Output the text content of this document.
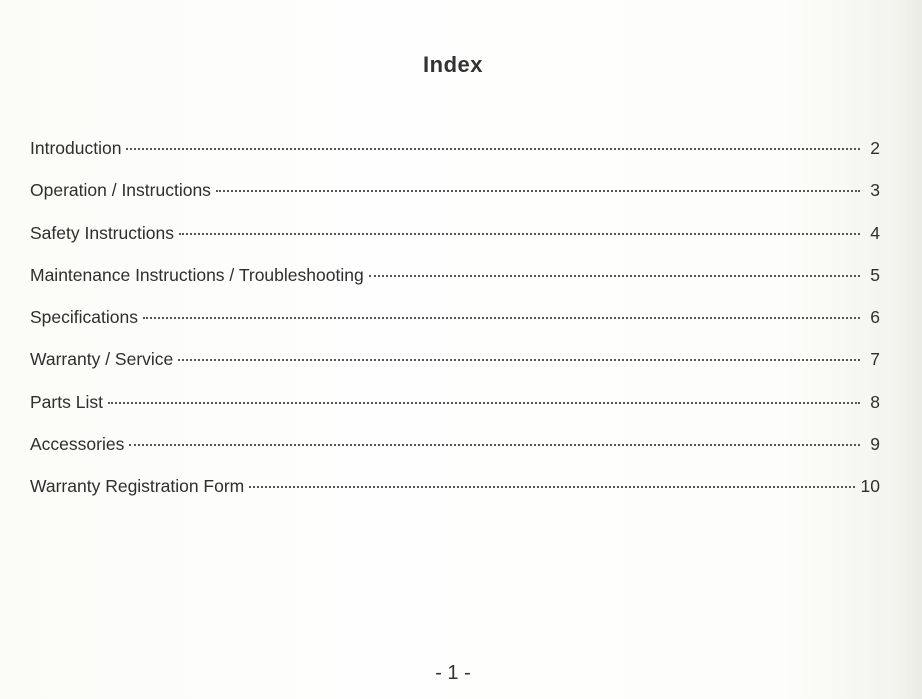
Index
Introduction	2
Operation / Instructions	3
Safety Instructions	4
Maintenance Instructions / Troubleshooting	5
Specifications	6
Warranty / Service	7
Parts List	8
Accessories	9
Warranty Registration Form	10
- 1 -
